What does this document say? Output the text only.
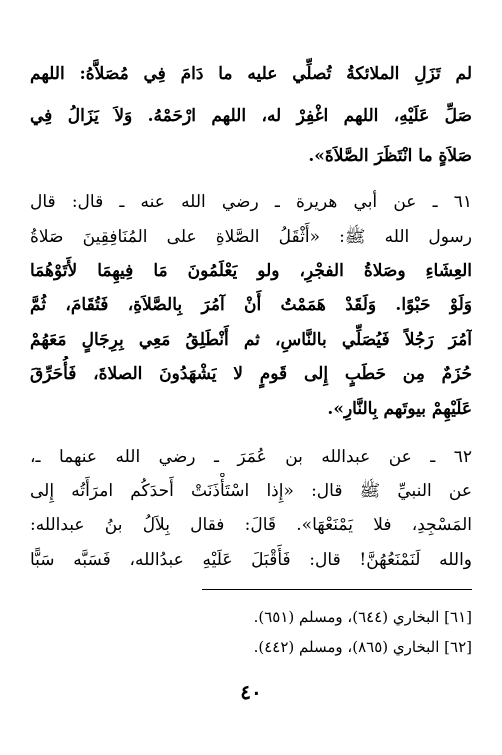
لم تَزَلِ الملائكةُ تُصلِّي عليه ما دَامَ فِي مُصَلاَّهُ: اللهم
صَلِّ عَلَيْهِ، اللهم اغْفِرْ له، اللهم ارْحَمْهُ. وَلاَ يَزَالُ فِي
صَلاَةٍ ما انْتَظَرَ الصَّلاَةَ».
٦١ ـ عن أبي هريرة ـ رضي الله عنه ـ قال: قال
رسول الله ﷺ: «أَثْقَلُ الصَّلاةِ على المُنَافِقِينَ صَلاةُ
العِشَاءِ وصَلاةُ الفجْرِ، ولو يَعْلَمُونَ مَا فِيهِمَا لأَتَوْهُمَا
وَلَوْ حَبْوًا. وَلَقَدْ هَمَمْتُ أَنْ آمُرَ بِالصَّلاَةِ، فَتُقَامَ، ثُمَّ
آمُرَ رَجُلاً فَيُصَلِّي بالنَّاسِ، ثم أَنْطَلِقُ مَعِي بِرِجَالٍ مَعَهُمْ
حُزَمٌ مِن حَطَبٍ إِلى قَومٍ لا يَشْهَدُونَ الصلاةَ، فَأُحَرِّقَ
عَلَيْهِمْ بيوتَهم بِالنَّارِ».
٦٢ ـ عن عبدالله بن عُمَرَ ـ رضي الله عنهما ـ،
عن النبيِّ ﷺ قال: «إِذا اسْتَأْذَنَتْ أَحدَكُم امرَأَتُه إِلى
المَسْجِدِ، فلا يَمْنَعْهَا». قَالَ: فقال بِلاَلُ بنُ عبدالله:
والله لَنَمْنَعُهُنَّ! قال: فَأَقْبَلَ عَلَيْهِ عبدُالله، فَسَبَّه سَبًّا
[٦١] البخاري (٦٤٤)، ومسلم (٦٥١).
[٦٢] البخاري (٨٦٥)، ومسلم (٤٤٢).
٤٠
